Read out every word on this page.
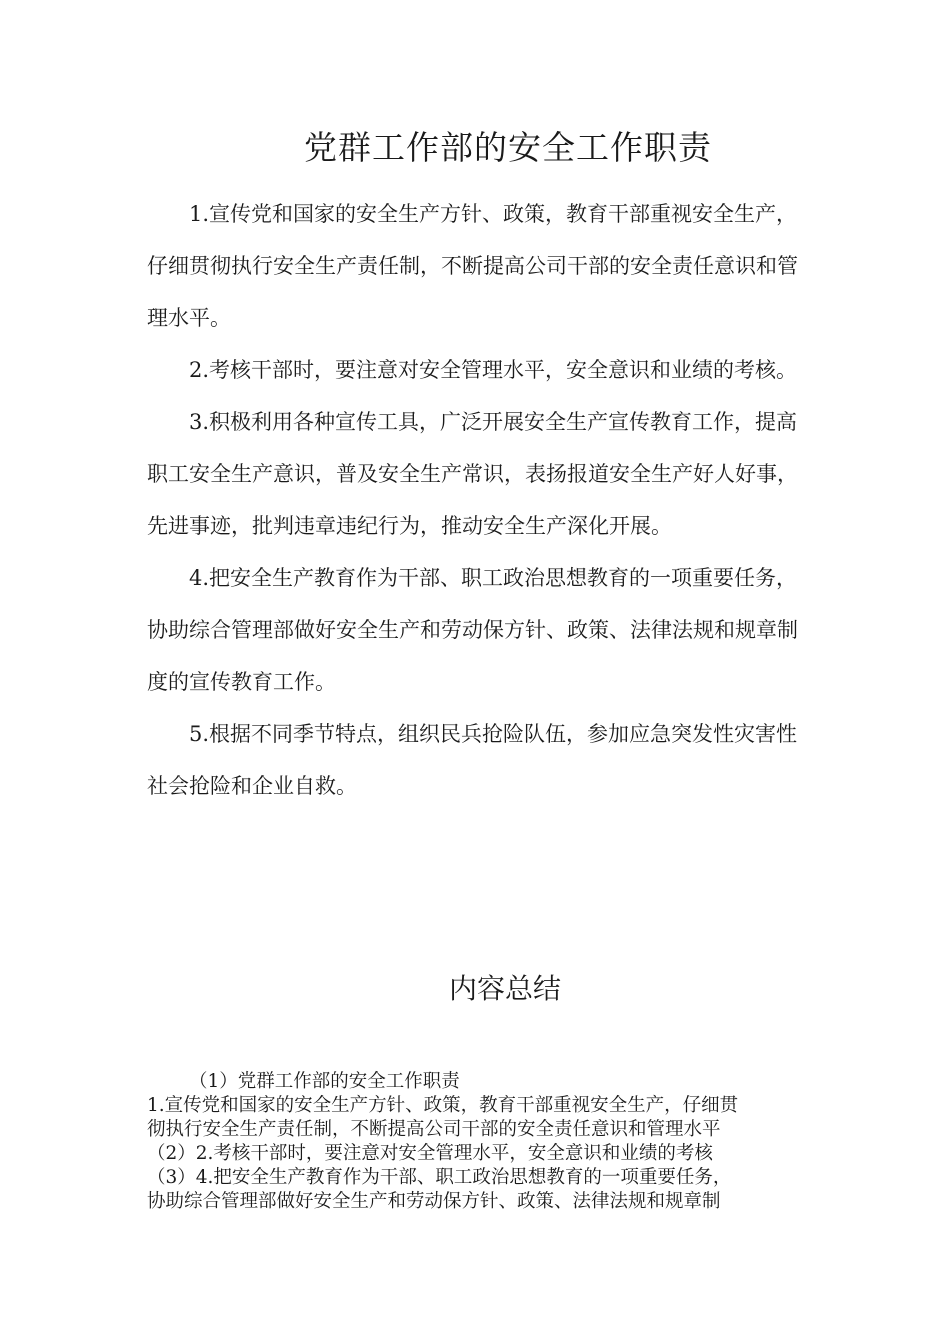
党群工作部的安全工作职责

1.宣传党和国家的安全生产方针、政策，教育干部重视安全生产，仔细贯彻执行安全生产责任制，不断提高公司干部的安全责任意识和管理水平。

2.考核干部时，要注意对安全管理水平，安全意识和业绩的考核。

3.积极利用各种宣传工具，广泛开展安全生产宣传教育工作，提高职工安全生产意识，普及安全生产常识，表扬报道安全生产好人好事，先进事迹，批判违章违纪行为，推动安全生产深化开展。

4.把安全生产教育作为干部、职工政治思想教育的一项重要任务，协助综合管理部做好安全生产和劳动保方针、政策、法律法规和规章制度的宣传教育工作。

5.根据不同季节特点，组织民兵抢险队伍，参加应急突发性灾害性社会抢险和企业自救。

内容总结
（1）党群工作部的安全工作职责
1.宣传党和国家的安全生产方针、政策，教育干部重视安全生产，仔细贯
彻执行安全生产责任制，不断提高公司干部的安全责任意识和管理水平
（2）2.考核干部时，要注意对安全管理水平，安全意识和业绩的考核
（3）4.把安全生产教育作为干部、职工政治思想教育的一项重要任务，
协助综合管理部做好安全生产和劳动保方针、政策、法律法规和规章制
